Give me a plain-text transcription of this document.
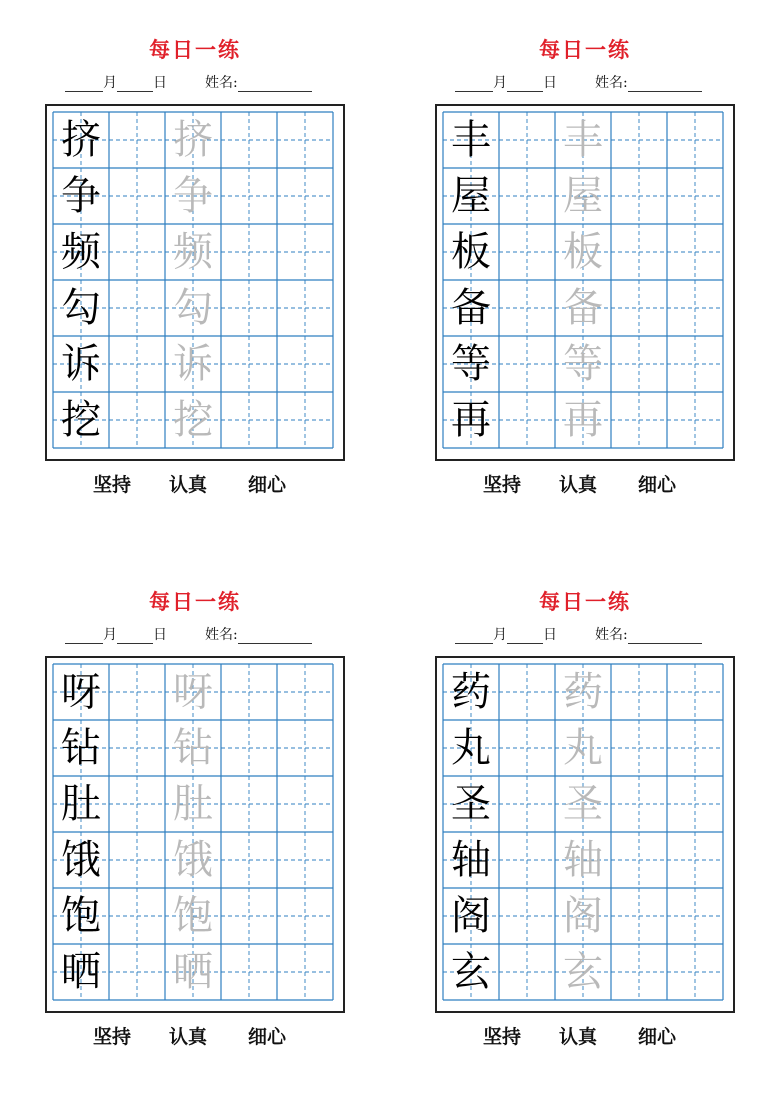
每日一练
月	日	姓名:
挤 挤
争 争
频 频
勾 勾
诉 诉
挖 挖
坚持 认真 细心
每日一练
月	日	姓名:
丰 丰
屋 屋
板 板
备 备
等 等
再 再
坚持 认真 细心
每日一练
月	日	姓名:
呀 呀
钻 钻
肚 肚
饿 饿
饱 饱
晒 晒
坚持 认真 细心
每日一练
月	日	姓名:
药 药
丸 丸
圣 圣
轴 轴
阁 阁
玄 玄
坚持 认真 细心
